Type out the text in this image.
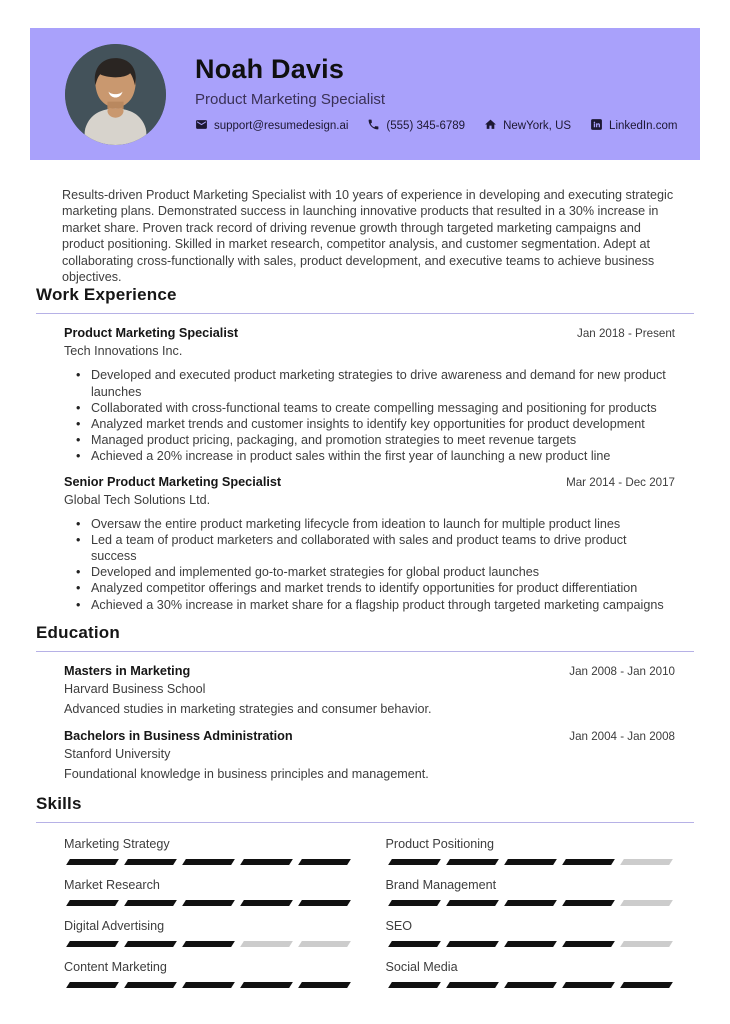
Noah Davis
Product Marketing Specialist
support@resumedesign.ai	(555) 345-6789	NewYork, US	LinkedIn.com

Results-driven Product Marketing Specialist with 10 years of experience in developing and executing strategic marketing plans. Demonstrated success in launching innovative products that resulted in a 30% increase in market share. Proven track record of driving revenue growth through targeted marketing campaigns and product positioning. Skilled in market research, competitor analysis, and customer segmentation. Adept at collaborating cross-functionally with sales, product development, and executive teams to achieve business objectives.

Work Experience
Product Marketing Specialist	Jan 2018 - Present
Tech Innovations Inc.
• Developed and executed product marketing strategies to drive awareness and demand for new product launches
• Collaborated with cross-functional teams to create compelling messaging and positioning for products
• Analyzed market trends and customer insights to identify key opportunities for product development
• Managed product pricing, packaging, and promotion strategies to meet revenue targets
• Achieved a 20% increase in product sales within the first year of launching a new product line
Senior Product Marketing Specialist	Mar 2014 - Dec 2017
Global Tech Solutions Ltd.
• Oversaw the entire product marketing lifecycle from ideation to launch for multiple product lines
• Led a team of product marketers and collaborated with sales and product teams to drive product success
• Developed and implemented go-to-market strategies for global product launches
• Analyzed competitor offerings and market trends to identify opportunities for product differentiation
• Achieved a 30% increase in market share for a flagship product through targeted marketing campaigns
Education
Masters in Marketing	Jan 2008 - Jan 2010
Harvard Business School
Advanced studies in marketing strategies and consumer behavior.
Bachelors in Business Administration	Jan 2004 - Jan 2008
Stanford University
Foundational knowledge in business principles and management.
Skills
Marketing Strategy	Product Positioning
Market Research	Brand Management
Digital Advertising	SEO
Content Marketing	Social Media
